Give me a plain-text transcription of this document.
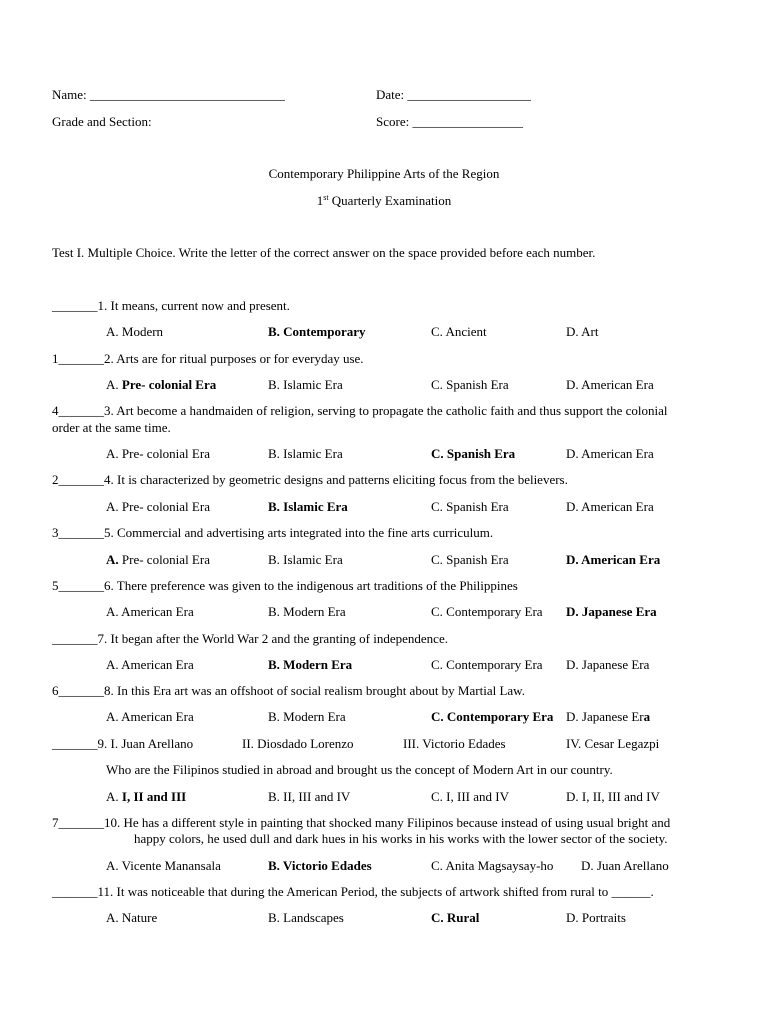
Name: ______________________________	Date: ___________________
Grade and Section:	Score: _________________
Contemporary Philippine Arts of the Region
1st Quarterly Examination
Test I. Multiple Choice. Write the letter of the correct answer on the space provided before each number.
_______1. It means, current now and present.
A. Modern	B. Contemporary	C. Ancient	D. Art
1_______2. Arts are for ritual purposes or for everyday use.
A. Pre- colonial Era	B. Islamic Era	C. Spanish Era	D. American Era
4_______3. Art become a handmaiden of religion, serving to propagate the catholic faith and thus support the colonial
order at the same time.
A. Pre- colonial Era	B. Islamic Era	C. Spanish Era	D. American Era
2_______4. It is characterized by geometric designs and patterns eliciting focus from the believers.
A. Pre- colonial Era	B. Islamic Era	C. Spanish Era	D. American Era
3_______5. Commercial and advertising arts integrated into the fine arts curriculum.
A. Pre- colonial Era	B. Islamic Era	C. Spanish Era	D. American Era
5_______6. There preference was given to the indigenous art traditions of the Philippines
A. American Era	B. Modern Era	C. Contemporary Era D. Japanese Era
_______7. It began after the World War 2 and the granting of independence.
A. American Era	B. Modern Era	C. Contemporary Era D. Japanese Era
6_______8. In this Era art was an offshoot of social realism brought about by Martial Law.
A. American Era	B. Modern Era	C. Contemporary Era D. Japanese Era
_______9. I. Juan Arellano	II. Diosdado Lorenzo	III. Victorio Edades	IV. Cesar Legazpi
Who are the Filipinos studied in abroad and brought us the concept of Modern Art in our country.
A. I, II and III	B. II, III and IV	C. I, III and IV	D. I, II, III and IV
7_______10. He has a different style in painting that shocked many Filipinos because instead of using usual bright and
happy colors, he used dull and dark hues in his works in his works with the lower sector of the society.
A. Vicente Manansala	B. Victorio Edades	C. Anita Magsaysay-ho D. Juan Arellano
_______11. It was noticeable that during the American Period, the subjects of artwork shifted from rural to ______.
A. Nature	B. Landscapes	C. Rural	D. Portraits
